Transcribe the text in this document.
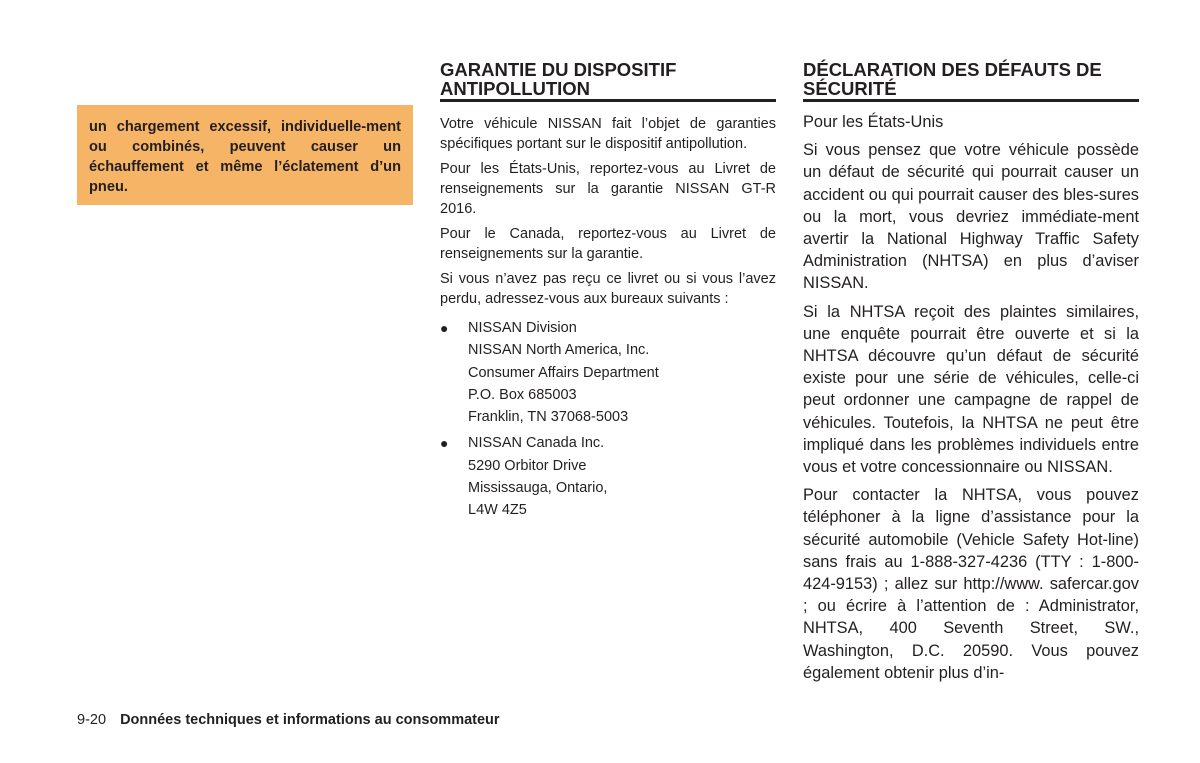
un chargement excessif, individuelle-ment ou combinés, peuvent causer un échauffement et même l’éclatement d’un pneu.
GARANTIE DU DISPOSITIF
ANTIPOLLUTION

Votre véhicule NISSAN fait l’objet de garanties spécifiques portant sur le dispositif antipollution.

Pour les États-Unis, reportez-vous au Livret de renseignements sur la garantie NISSAN GT-R 2016.

Pour le Canada, reportez-vous au Livret de renseignements sur la garantie.

Si vous n’avez pas reçu ce livret ou si vous l’avez perdu, adressez-vous aux bureaux suivants :

● NISSAN Division
NISSAN North America, Inc.
Consumer Affairs Department
P.O. Box 685003
Franklin, TN 37068-5003
● NISSAN Canada Inc.
5290 Orbitor Drive
Mississauga, Ontario,
L4W 4Z5
DÉCLARATION DES DÉFAUTS DE
SÉCURITÉ

Pour les États-Unis

Si vous pensez que votre véhicule possède un défaut de sécurité qui pourrait causer un accident ou qui pourrait causer des bles-sures ou la mort, vous devriez immédiate-ment avertir la National Highway Traffic Safety Administration (NHTSA) en plus d’aviser NISSAN.

Si la NHTSA reçoit des plaintes similaires, une enquête pourrait être ouverte et si la NHTSA découvre qu’un défaut de sécurité existe pour une série de véhicules, celle-ci peut ordonner une campagne de rappel de véhicules. Toutefois, la NHTSA ne peut être impliqué dans les problèmes individuels entre vous et votre concessionnaire ou NISSAN.

Pour contacter la NHTSA, vous pouvez téléphoner à la ligne d’assistance pour la sécurité automobile (Vehicle Safety Hot-line) sans frais au 1-888-327-4236 (TTY : 1-800-424-9153) ; allez sur http://www. safercar.gov ; ou écrire à l’attention de : Administrator, NHTSA, 400 Seventh Street, SW., Washington, D.C. 20590. Vous pouvez également obtenir plus d’in-

9-20 Données techniques et informations au consommateur
